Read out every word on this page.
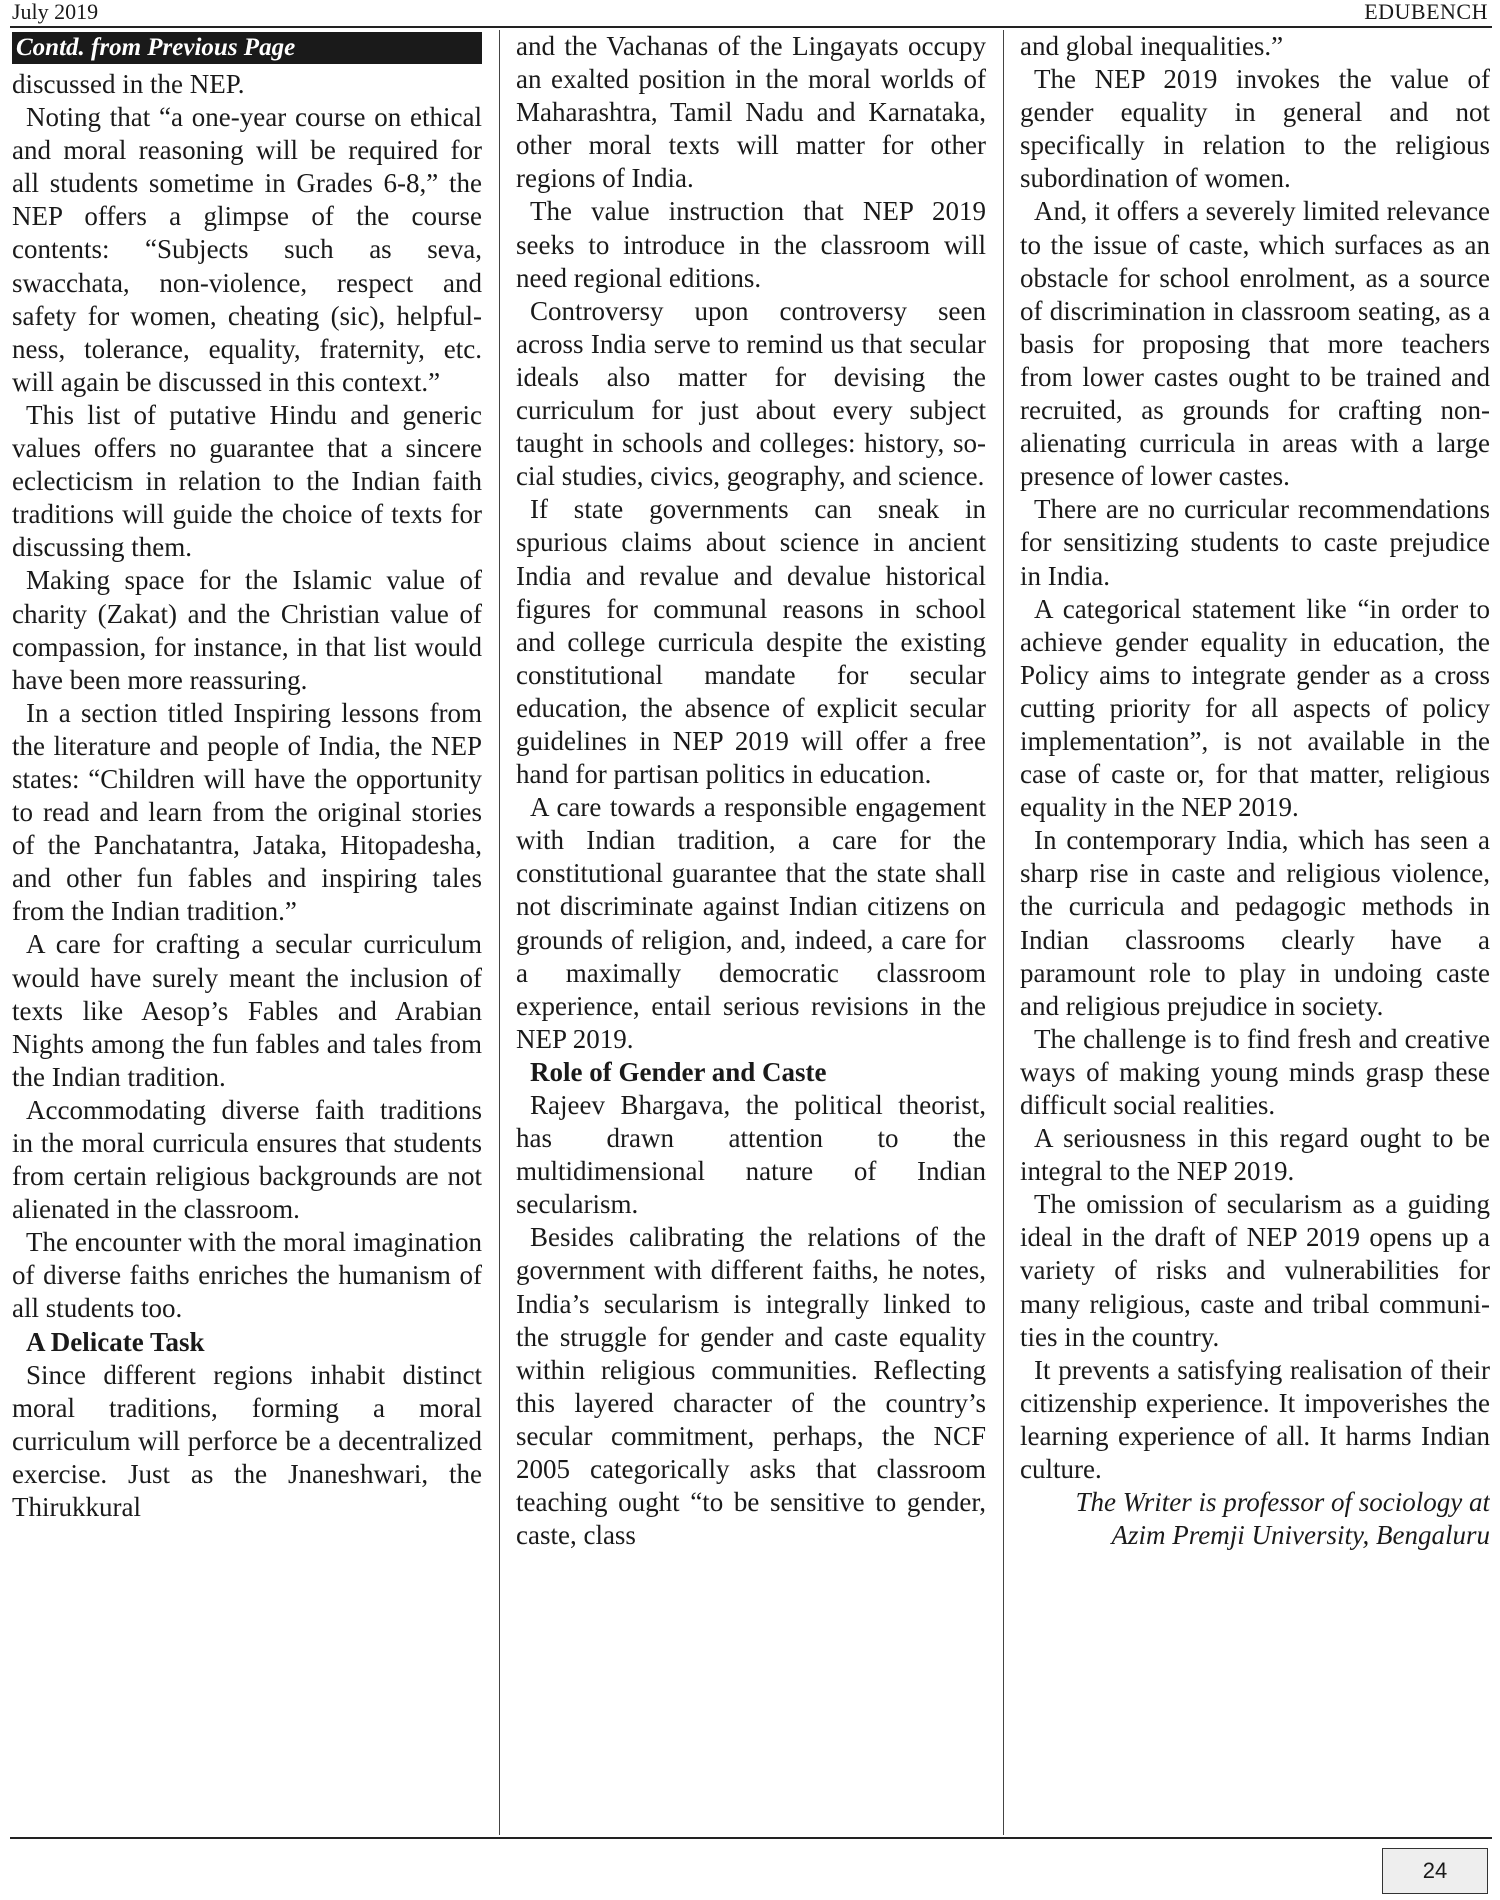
July 2019	EDUBENCH
Contd. from Previous Page

discussed in the NEP.

Noting that “a one-year course on ethical and moral reasoning will be required for all students sometime in Grades 6-8,” the NEP offers a glimpse of the course contents: “Subjects such as seva, swacchata, non-violence, respect and safety for women, cheating (sic), helpfulness, tolerance, equality, fraternity, etc. will again be discussed in this context.”

This list of putative Hindu and generic values offers no guarantee that a sincere eclecticism in relation to the Indian faith traditions will guide the choice of texts for discussing them.

Making space for the Islamic value of charity (Zakat) and the Christian value of compassion, for instance, in that list would have been more reassuring.

In a section titled Inspiring lessons from the literature and people of India, the NEP states: “Children will have the opportunity to read and learn from the original stories of the Panchatantra, Jataka, Hitopadesha, and other fun fables and inspiring tales from the Indian tradition.”

A care for crafting a secular curriculum would have surely meant the inclusion of texts like Aesop’s Fables and Arabian Nights among the fun fables and tales from the Indian tradition.

Accommodating diverse faith traditions in the moral curricula ensures that students from certain religious backgrounds are not alienated in the classroom.

The encounter with the moral imagination of diverse faiths enriches the humanism of all students too.

A Delicate Task

Since different regions inhabit distinct moral traditions, forming a moral curriculum will perforce be a decentralized exercise. Just as the Jnaneshwari, the Thirukkural

and the Vachanas of the Lingayats occupy an exalted position in the moral worlds of Maharashtra, Tamil Nadu and Karnataka, other moral texts will matter for other regions of India.

The value instruction that NEP 2019 seeks to introduce in the classroom will need regional editions.

Controversy upon controversy seen across India serve to remind us that secular ideals also matter for devising the curriculum for just about every subject taught in schools and colleges: history, social studies, civics, geography, and science.

If state governments can sneak in spurious claims about science in ancient India and revalue and devalue historical figures for communal reasons in school and college curricula despite the existing constitutional mandate for secular education, the absence of explicit secular guidelines in NEP 2019 will offer a free hand for partisan politics in education.

A care towards a responsible engagement with Indian tradition, a care for the constitutional guarantee that the state shall not discriminate against Indian citizens on grounds of religion, and, indeed, a care for a maximally democratic classroom experience, entail serious revisions in the NEP 2019.

Role of Gender and Caste

Rajeev Bhargava, the political theorist, has drawn attention to the multidimensional nature of Indian secularism.

Besides calibrating the relations of the government with different faiths, he notes, India’s secularism is integrally linked to the struggle for gender and caste equality within religious communities. Reflecting this layered character of the country’s secular commitment, perhaps, the NCF 2005 categorically asks that classroom teaching ought “to be sensitive to gender, caste, class

and global inequalities.”

The NEP 2019 invokes the value of gender equality in general and not specifically in relation to the religious subordination of women.

And, it offers a severely limited relevance to the issue of caste, which surfaces as an obstacle for school enrolment, as a source of discrimination in classroom seating, as a basis for proposing that more teachers from lower castes ought to be trained and recruited, as grounds for crafting non-alienating curricula in areas with a large presence of lower castes.

There are no curricular recommendations for sensitizing students to caste prejudice in India.

A categorical statement like “in order to achieve gender equality in education, the Policy aims to integrate gender as a cross cutting priority for all aspects of policy implementation”, is not available in the case of caste or, for that matter, religious equality in the NEP 2019.

In contemporary India, which has seen a sharp rise in caste and religious violence, the curricula and pedagogic methods in Indian classrooms clearly have a paramount role to play in undoing caste and religious prejudice in society.

The challenge is to find fresh and creative ways of making young minds grasp these difficult social realities.

A seriousness in this regard ought to be integral to the NEP 2019.

The omission of secularism as a guiding ideal in the draft of NEP 2019 opens up a variety of risks and vulnerabilities for many religious, caste and tribal communities in the country.

It prevents a satisfying realisation of their citizenship experience. It impoverishes the learning experience of all. It harms Indian culture.

The Writer is professor of sociology at Azim Premji University, Bengaluru

24
